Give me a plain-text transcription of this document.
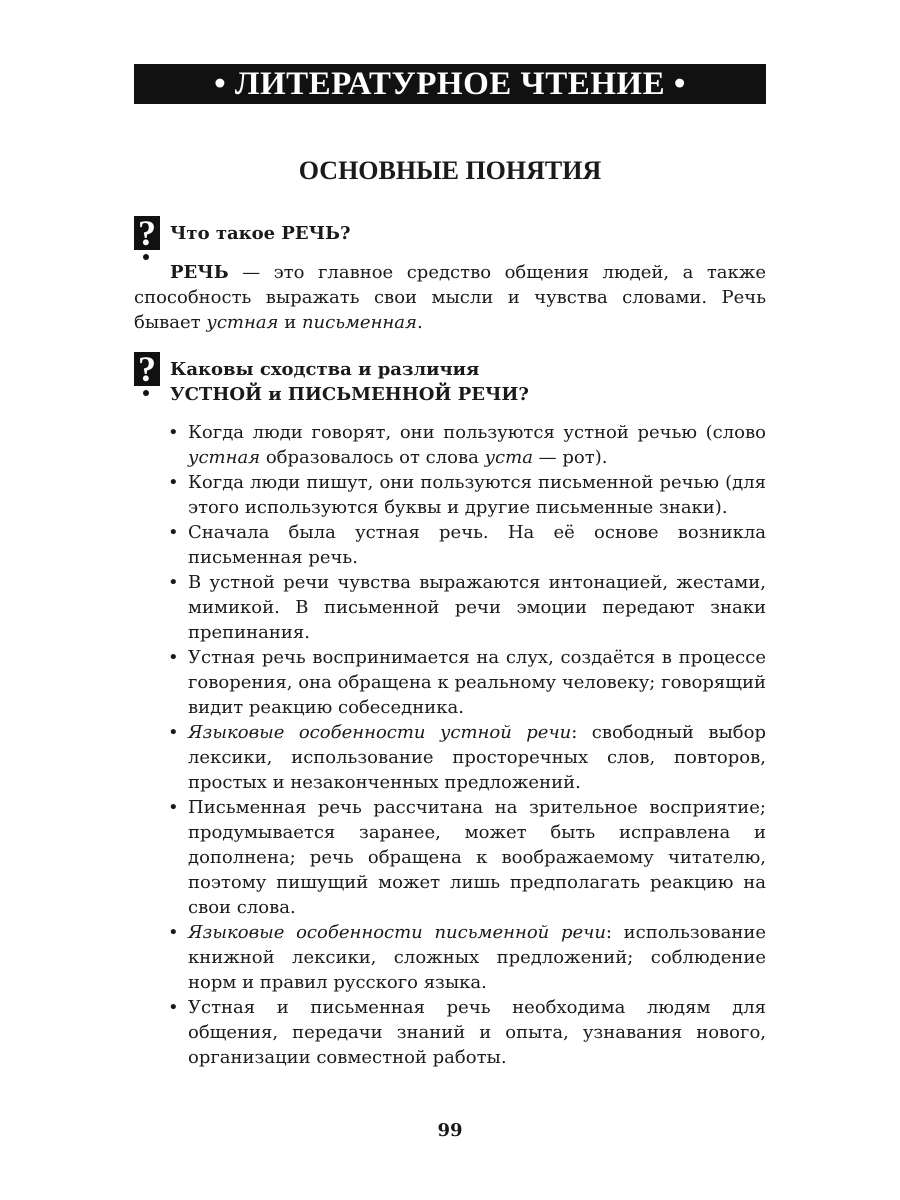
• ЛИТЕРАТУРНОЕ ЧТЕНИЕ •
ОСНОВНЫЕ ПОНЯТИЯ
? Что такое РЕЧЬ?
РЕЧЬ — это главное средство общения людей, а также способность выражать свои мысли и чувства словами. Речь бывает устная и письменная.
? Каковы сходства и различия
УСТНОЙ и ПИСЬМЕННОЙ РЕЧИ?
• Когда люди говорят, они пользуются устной речью (слово устная образовалось от слова уста — рот).
• Когда люди пишут, они пользуются письменной речью (для этого используются буквы и другие письменные знаки).
• Сначала была устная речь. На её основе возникла письменная речь.
• В устной речи чувства выражаются интонацией, жестами, мимикой. В письменной речи эмоции передают знаки препинания.
• Устная речь воспринимается на слух, создаётся в процессе говорения, она обращена к реальному человеку; говорящий видит реакцию собеседника.
• Языковые особенности устной речи: свободный выбор лексики, использование просторечных слов, повторов, простых и незаконченных предложений.
• Письменная речь рассчитана на зрительное восприятие; продумывается заранее, может быть исправлена и дополнена; речь обращена к воображаемому читателю, поэтому пишущий может лишь предполагать реакцию на свои слова.
• Языковые особенности письменной речи: использование книжной лексики, сложных предложений; соблюдение норм и правил русского языка.
• Устная и письменная речь необходима людям для общения, передачи знаний и опыта, узнавания нового, организации совместной работы.
99
